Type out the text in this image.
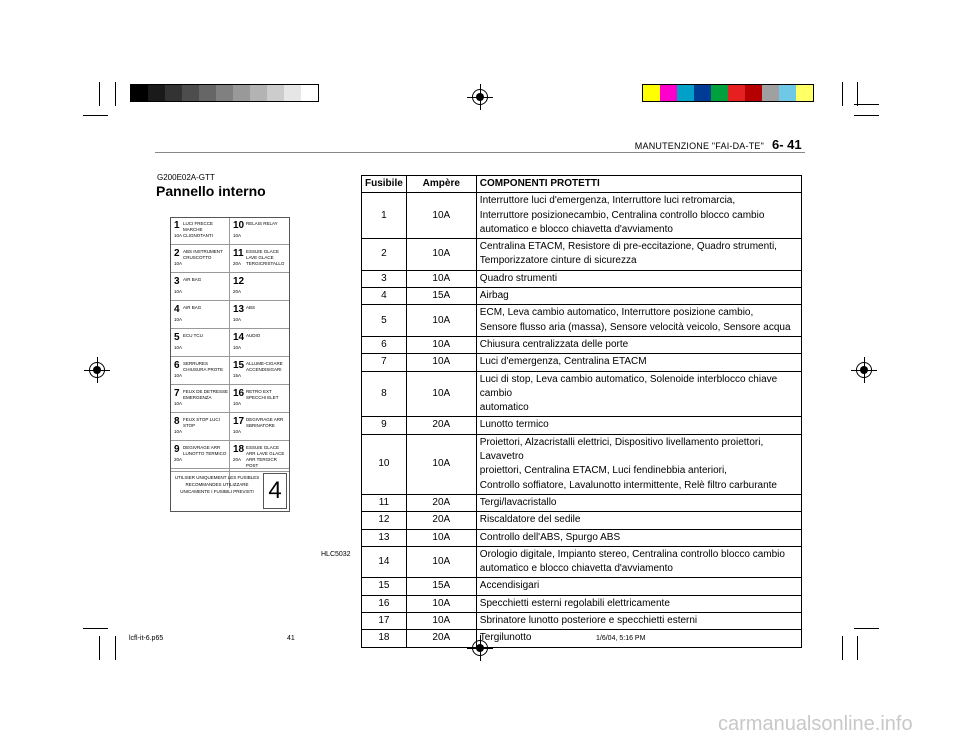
MANUTENZIONE "FAI-DA-TE" 6- 41
G200E02A-GTT
Pannello interno
UTILISER UNIQUEMENT LES FUSIBLES RECOMMANDES UTILIZZARE UNICAMENTE I FUSIBILI PREVISTI 4
1
10A
LUCI FRECCE MARCHE CLIGNOTANTI
2
10A
ABS INSTRUMENT CRUSCOTTO
3
10A
AIR BAG
4
10A
AIR BAG
5
10A
ECU TCU
6
10A
SERRURES CHIUSURA PROTE
7
10A
FEUX DE DETRESSE EMERGENZA
8
10A
FEUX STOP LUCI STOP
9
20A
DEGIVRAGE ARR LUNOTTO TERMICO
10
10A
RELAIS RELAY
11
20A
ESSUIE GLACE LAVE GLACE TERGICRISTALLO
12
20A
13
10A
ABS
14
10A
AUDIO
15
15A
ALLUME-CIGARE ACCENDISIGARI
16
10A
RETRO EXT SPECCHI ELET
17
10A
DEGIVRAGE ARR SBRINATORE
18
20A
ESSUIE GLACE ARR LAVE GLACE ARR TERGICR POST
HLC5032
Fusibile	Ampère	COMPONENTI PROTETTI
1	10A	Interruttore luci d'emergenza, Interruttore luci retromarcia,
Interruttore posizionecambio, Centralina controllo blocco cambio
automatico e blocco chiavetta d'avviamento

2	10A	Centralina ETACM, Resistore di pre-eccitazione, Quadro strumenti,
Temporizzatore cinture di sicurezza

3	10A	Quadro strumenti

4	15A	Airbag

5	10A	ECM, Leva cambio automatico, Interruttore posizione cambio,
Sensore flusso aria (massa), Sensore velocità veicolo, Sensore acqua

6	10A	Chiusura centralizzata delle porte

7	10A	Luci d'emergenza, Centralina ETACM

8	10A	Luci di stop, Leva cambio automatico, Solenoide interblocco chiave cambio
automatico

9	20A	Lunotto termico

10	10A	Proiettori, Alzacristalli elettrici, Dispositivo livellamento proiettori, Lavavetro
proiettori, Centralina ETACM, Luci fendinebbia anteriori,
Controllo soffiatore, Lavalunotto intermittente, Relè filtro carburante

11	20A	Tergi/lavacristallo

12	20A	Riscaldatore del sedile

13	10A	Controllo dell'ABS, Spurgo ABS

14	10A	Orologio digitale, Impianto stereo, Centralina controllo blocco cambio
automatico e blocco chiavetta d'avviamento

15	15A	Accendisigari

16	10A	Specchietti esterni regolabili elettricamente

17	10A	Sbrinatore lunotto posteriore e specchietti esterni

18	20A	Tergilunotto
lcfl-it-6.p65	41	1/6/04, 5:16 PM
carmanualsonline.info
